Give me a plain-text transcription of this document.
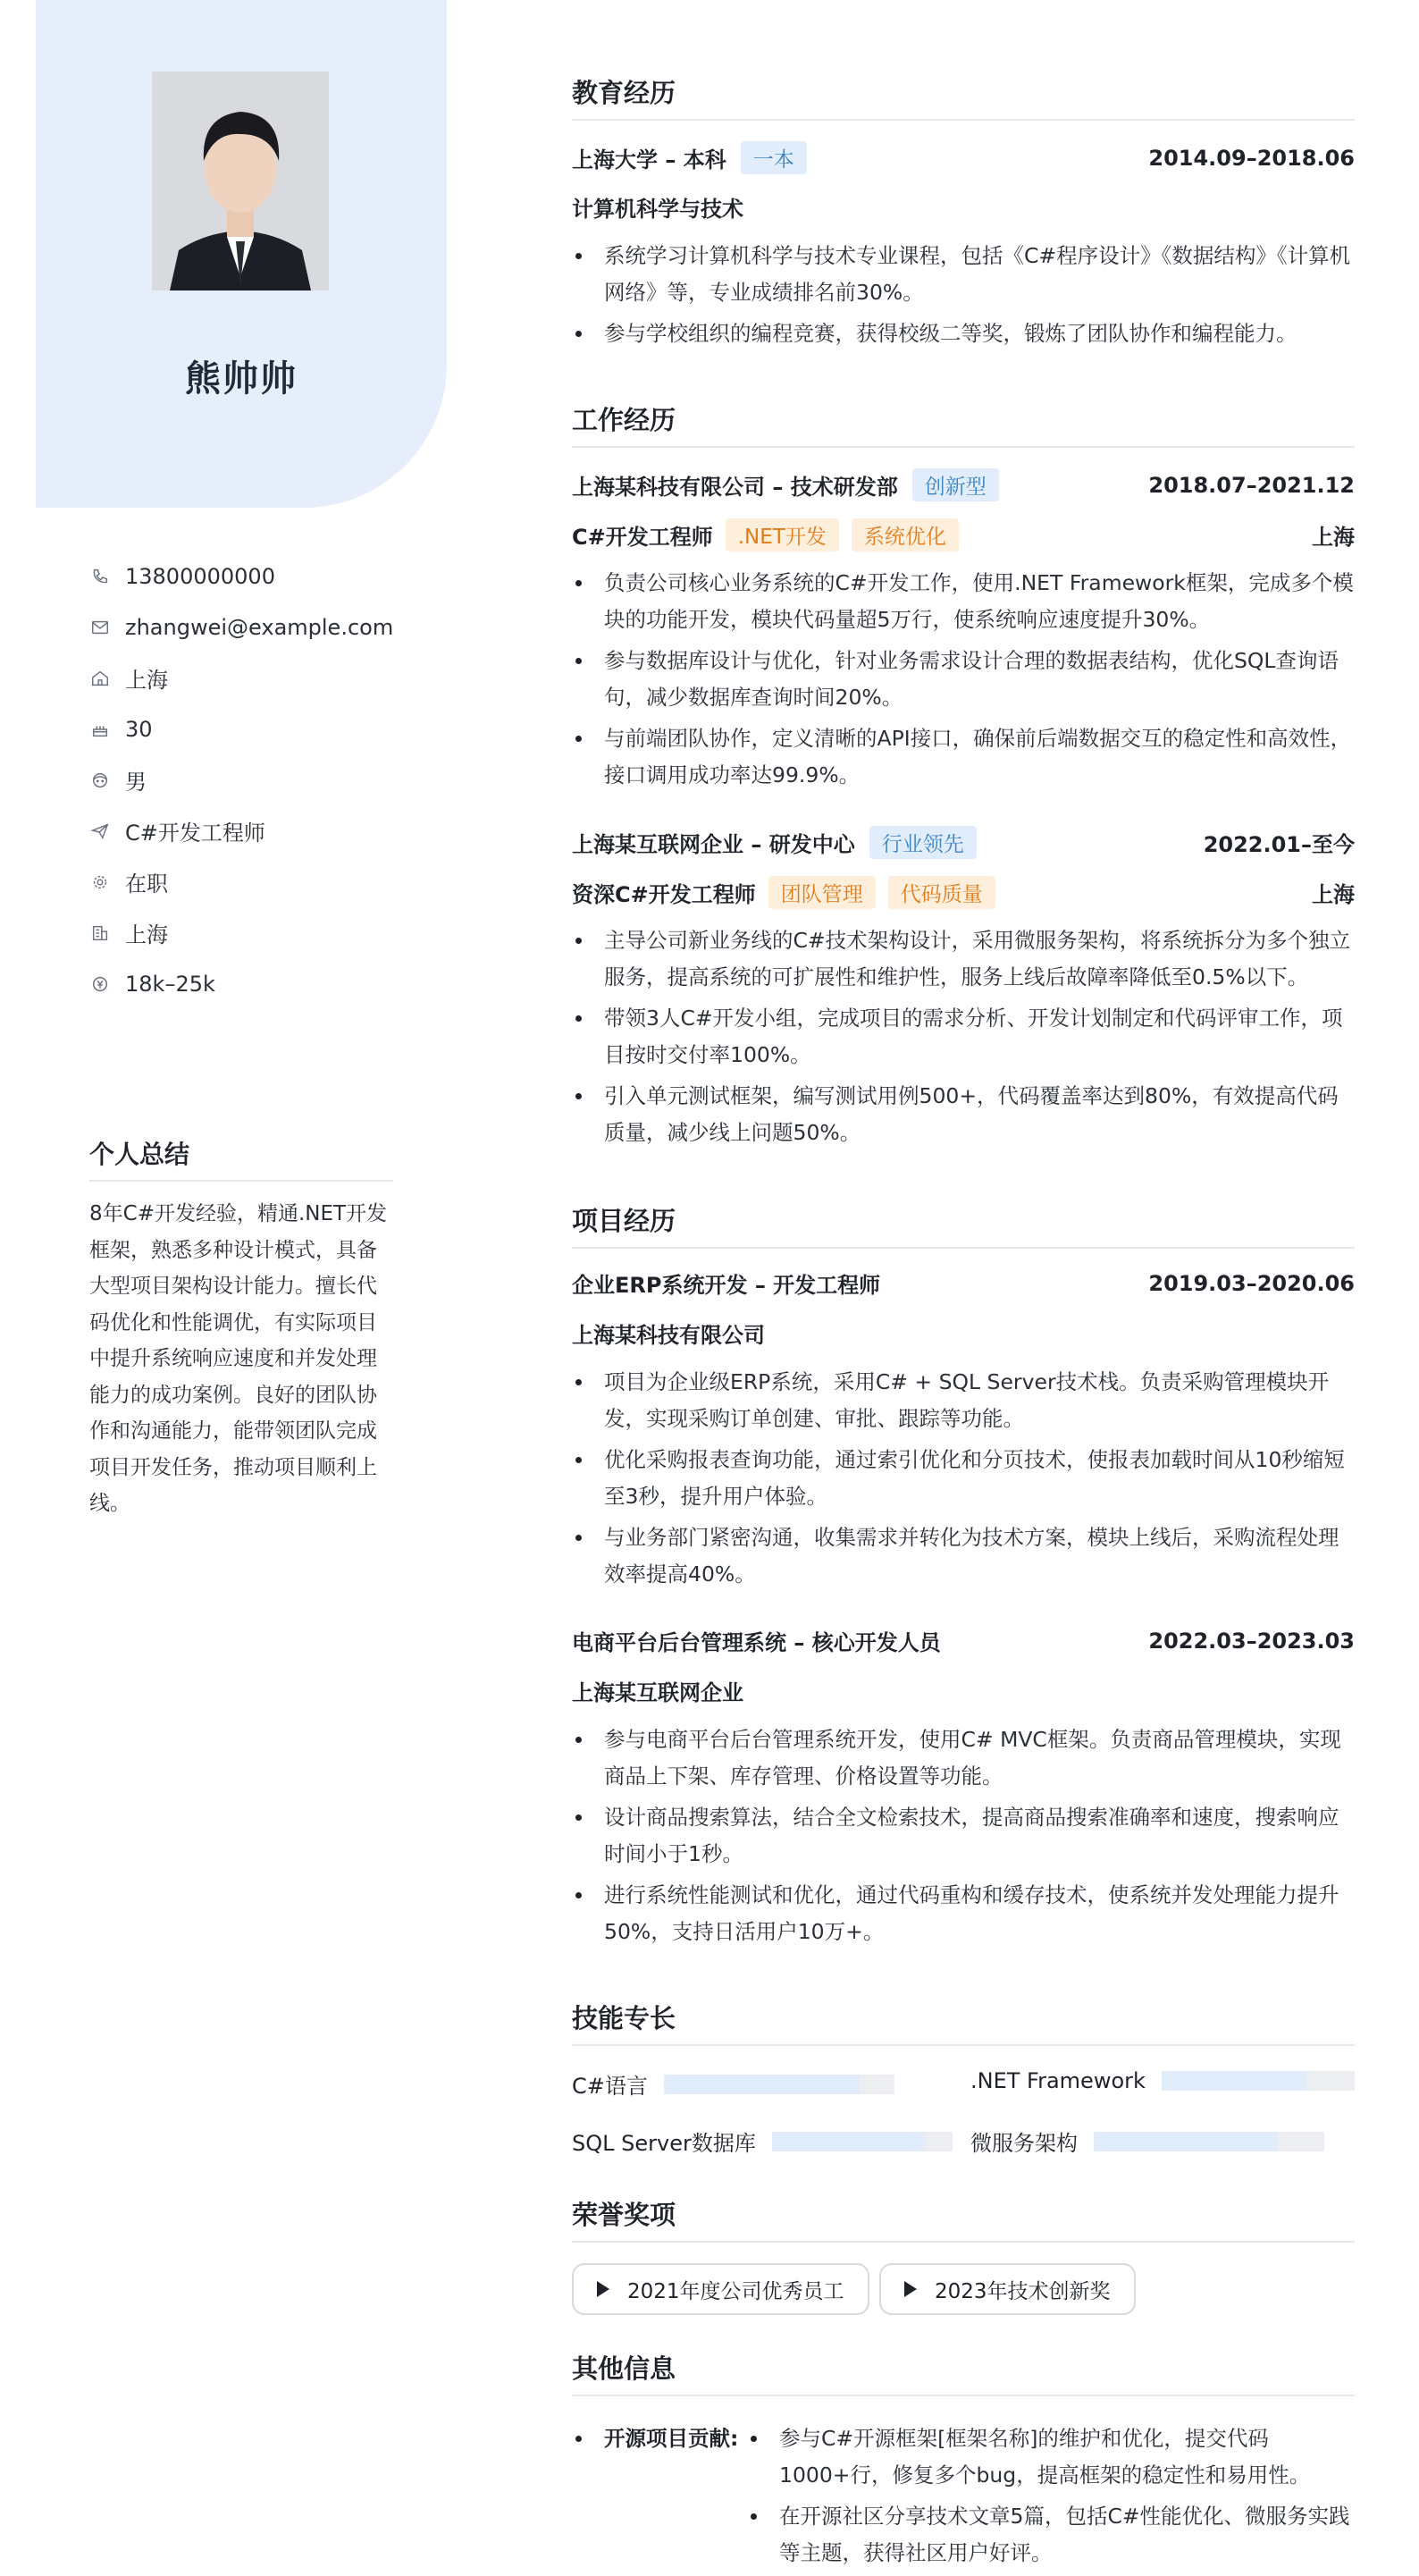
熊帅帅
13800000000
zhangwei@example.com
上海
30
男
C#开发工程师
在职
上海
18k–25k
个人总结
8年C#开发经验，精通.NET开发框架，熟悉多种设计模式，具备大型项目架构设计能力。擅长代码优化和性能调优，有实际项目中提升系统响应速度和并发处理能力的成功案例。良好的团队协作和沟通能力，能带领团队完成项目开发任务，推动项目顺利上线。
教育经历
上海大学 – 本科	一本	2014.09–2018.06
计算机科学与技术
系统学习计算机科学与技术专业课程，包括《C#程序设计》《数据结构》《计算机网络》等，专业成绩排名前30%。
参与学校组织的编程竞赛，获得校级二等奖，锻炼了团队协作和编程能力。
工作经历
上海某科技有限公司 – 技术研发部	创新型	2018.07–2021.12
C#开发工程师	.NET开发	系统优化	上海
负责公司核心业务系统的C#开发工作，使用.NET Framework框架，完成多个模块的功能开发，模块代码量超5万行，使系统响应速度提升30%。
参与数据库设计与优化，针对业务需求设计合理的数据表结构，优化SQL查询语句，减少数据库查询时间20%。
与前端团队协作，定义清晰的API接口，确保前后端数据交互的稳定性和高效性，接口调用成功率达99.9%。
上海某互联网企业 – 研发中心	行业领先	2022.01–至今
资深C#开发工程师	团队管理	代码质量	上海
主导公司新业务线的C#技术架构设计，采用微服务架构，将系统拆分为多个独立服务，提高系统的可扩展性和维护性，服务上线后故障率降低至0.5%以下。
带领3人C#开发小组，完成项目的需求分析、开发计划制定和代码评审工作，项目按时交付率100%。
引入单元测试框架，编写测试用例500+，代码覆盖率达到80%，有效提高代码质量，减少线上问题50%。
项目经历
企业ERP系统开发 – 开发工程师	2019.03–2020.06
上海某科技有限公司
项目为企业级ERP系统，采用C# + SQL Server技术栈。负责采购管理模块开发，实现采购订单创建、审批、跟踪等功能。
优化采购报表查询功能，通过索引优化和分页技术，使报表加载时间从10秒缩短至3秒，提升用户体验。
与业务部门紧密沟通，收集需求并转化为技术方案，模块上线后，采购流程处理效率提高40%。
电商平台后台管理系统 – 核心开发人员	2022.03–2023.03
上海某互联网企业
参与电商平台后台管理系统开发，使用C# MVC框架。负责商品管理模块，实现商品上下架、库存管理、价格设置等功能。
设计商品搜索算法，结合全文检索技术，提高商品搜索准确率和速度，搜索响应时间小于1秒。
进行系统性能测试和优化，通过代码重构和缓存技术，使系统并发处理能力提升50%，支持日活用户10万+。
技能专长
C#语言	.NET Framework
SQL Server数据库	微服务架构
荣誉奖项
2021年度公司优秀员工	2023年技术创新奖
其他信息
开源项目贡献:	参与C#开源框架[框架名称]的维护和优化，提交代码1000+行，修复多个bug，提高框架的稳定性和易用性。
在开源社区分享技术文章5篇，包括C#性能优化、微服务实践等主题，获得社区用户好评。
